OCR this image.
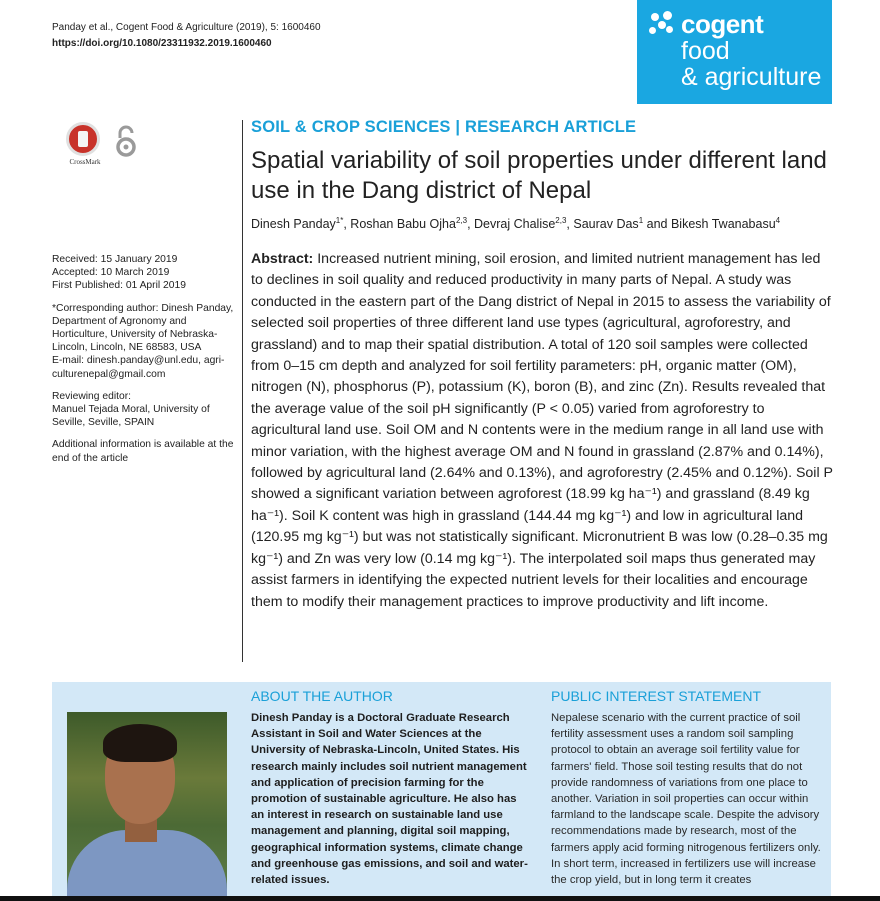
Panday et al., Cogent Food & Agriculture (2019), 5: 1600460
https://doi.org/10.1080/23311932.2019.1600460
cogent
food
& agriculture
CrossMark
SOIL & CROP SCIENCES | RESEARCH ARTICLE
Spatial variability of soil properties under different land use in the Dang district of Nepal
Dinesh Panday$^{1*}$, Roshan Babu Ojha$^{2,3}$, Devraj Chalise$^{2,3}$, Saurav Das$^1$ and Bikesh Twanabasu$^4$

Received: 15 January 2019

Accepted: 10 March 2019

First Published: 01 April 2019

*Corresponding author: Dinesh Panday, Department of Agronomy and Horticulture, University of Nebraska-Lincoln, Lincoln, NE 68583, USA

E-mail: dinesh.panday@unl.edu, agri-culturenepal@gmail.com

Reviewing editor:

Manuel Tejada Moral, University of Seville, Seville, SPAIN

Additional information is available at the end of the article

Abstract: Increased nutrient mining, soil erosion, and limited nutrient management has led to declines in soil quality and reduced productivity in many parts of Nepal. A study was conducted in the eastern part of the Dang district of Nepal in 2015 to assess the variability of selected soil properties of three different land use types (agricultural, agroforestry, and grassland) and to map their spatial distribution. A total of 120 soil samples were collected from 0–15 cm depth and analyzed for soil fertility parameters: pH, organic matter (OM), nitrogen (N), phosphorus (P), potassium (K), boron (B), and zinc (Zn). Results revealed that the average value of the soil pH significantly (P < 0.05) varied from agroforestry to agricultural land use. Soil OM and N contents were in the medium range in all land use with minor variation, with the highest average OM and N found in grassland (2.87% and 0.14%), followed by agricultural land (2.64% and 0.13%), and agroforestry (2.45% and 0.12%). Soil P showed a significant variation between agroforest (18.99 kg ha⁻¹) and grassland (8.49 kg ha⁻¹). Soil K content was high in grassland (144.44 mg kg⁻¹) and low in agricultural land (120.95 mg kg⁻¹) but was not statistically significant. Micronutrient B was low (0.28–0.35 mg kg⁻¹) and Zn was very low (0.14 mg kg⁻¹). The interpolated soil maps thus generated may assist farmers in identifying the expected nutrient levels for their localities and encourage them to modify their management practices to improve productivity and lift income.
ABOUT THE AUTHOR
Dinesh Panday is a Doctoral Graduate Research Assistant in Soil and Water Sciences at the University of Nebraska-Lincoln, United States. His research mainly includes soil nutrient management and application of precision farming for the promotion of sustainable agriculture. He also has an interest in research on sustainable land use management and planning, digital soil mapping, geographical information systems, climate change and greenhouse gas emissions, and soil and water-related issues.
PUBLIC INTEREST STATEMENT
Nepalese scenario with the current practice of soil fertility assessment uses a random soil sampling protocol to obtain an average soil fertility value for farmers' field. Those soil testing results that do not provide randomness of variations from one place to another. Variation in soil properties can occur within farmland to the landscape scale. Despite the advisory recommendations made by research, most of the farmers apply acid forming nitrogenous fertilizers only. In short term, increased in fertilizers use will increase the crop yield, but in long term it creates
